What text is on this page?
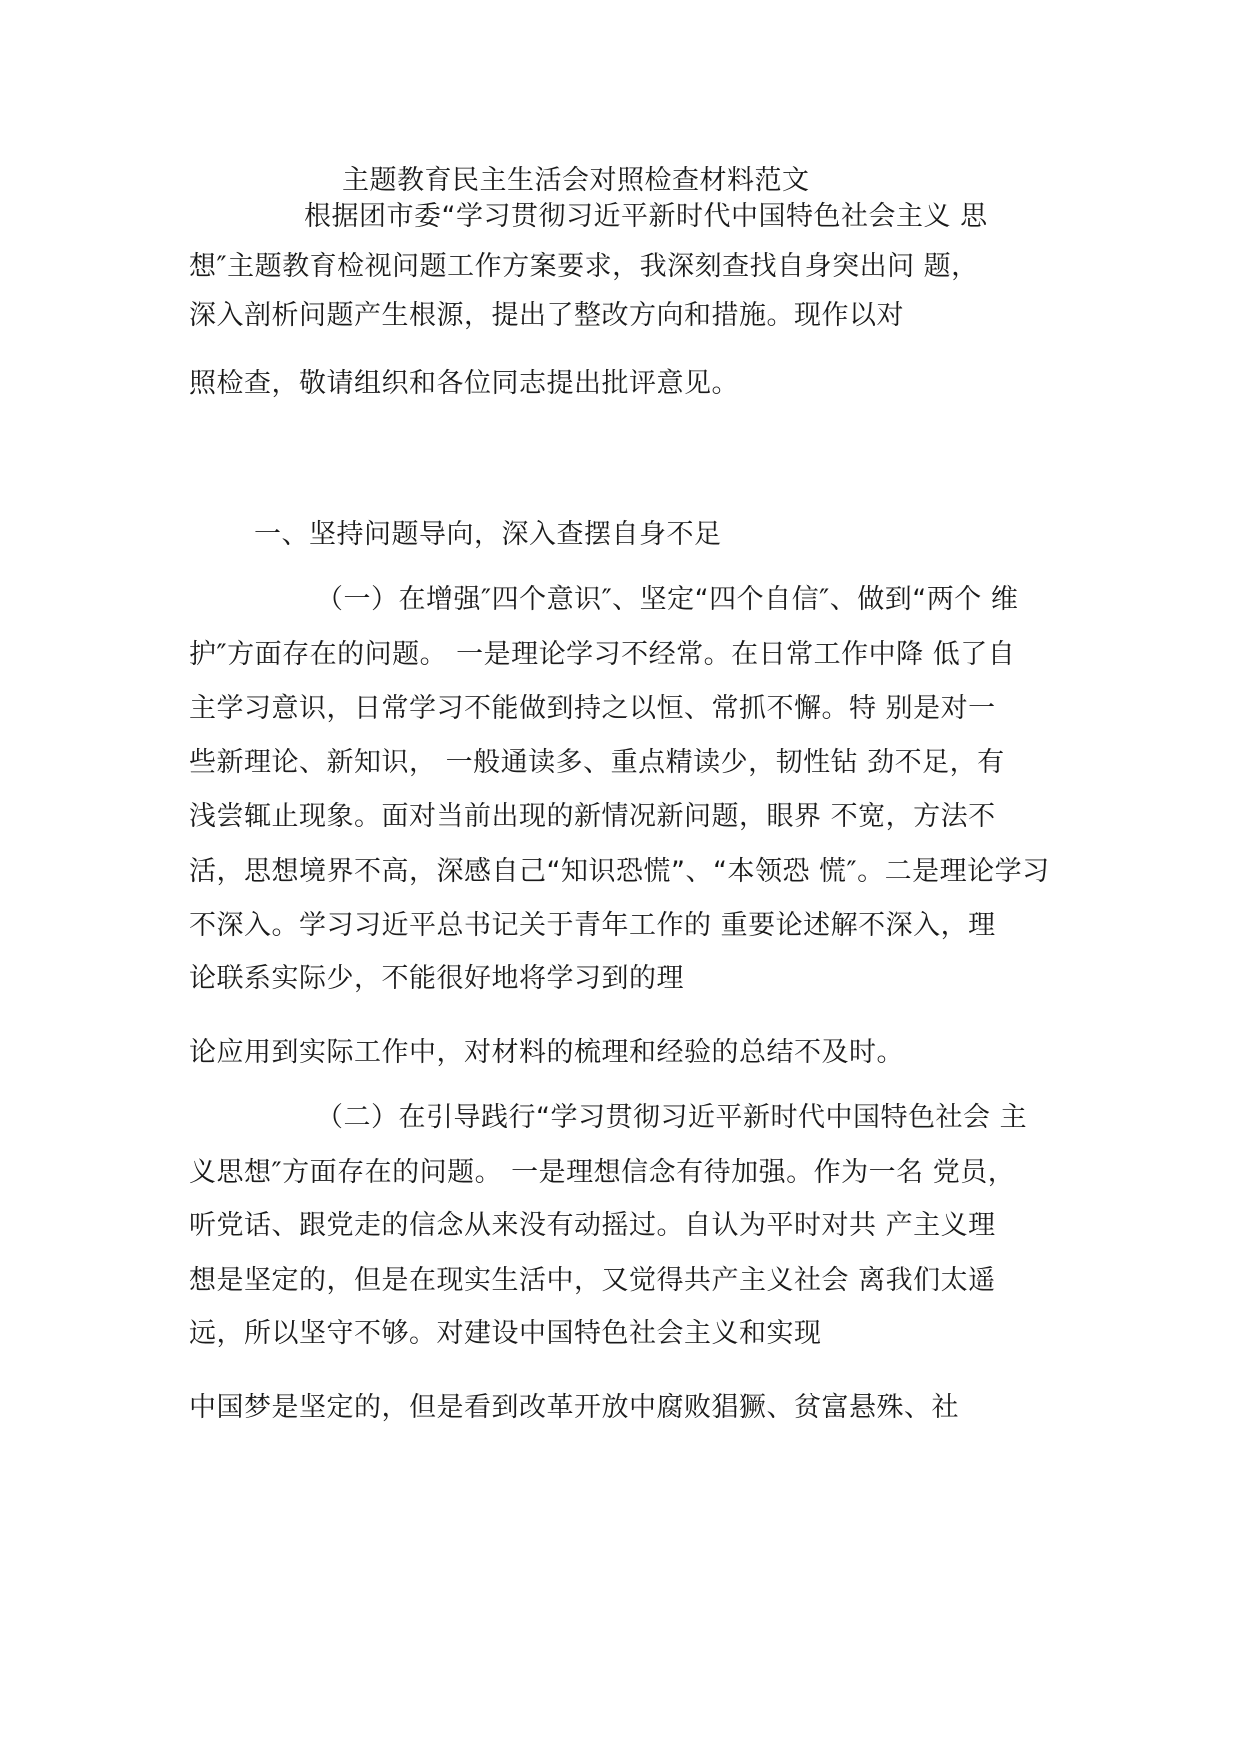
主题教育民主生活会对照检查材料范文
根据团市委“学习贯彻习近平新时代中国特色社会主义 思
想″主题教育检视问题工作方案要求，我深刻查找自身突出问 题，
深入剖析问题产生根源，提出了整改方向和措施。现作以对
照检查，敬请组织和各位同志提出批评意见。
一、坚持问题导向，深入查摆自身不足
（一）在增强″四个意识″、坚定“四个自信″、做到“两个 维
护″方面存在的问题。 一是理论学习不经常。在日常工作中降 低了自
主学习意识，日常学习不能做到持之以恒、常抓不懈。特 别是对一
些新理论、新知识， 一般通读多、重点精读少，韧性钻 劲不足，有
浅尝辄止现象。面对当前出现的新情况新问题，眼界 不宽，方法不
活，思想境界不高，深感自己“知识恐慌”、“本领恐 慌″。二是理论学习
不深入。学习习近平总书记关于青年工作的 重要论述解不深入，理
论联系实际少，不能很好地将学习到的理
论应用到实际工作中，对材料的梳理和经验的总结不及时。
（二）在引导践行“学习贯彻习近平新时代中国特色社会 主
义思想″方面存在的问题。 一是理想信念有待加强。作为一名 党员，
听党话、跟党走的信念从来没有动摇过。自认为平时对共 产主义理
想是坚定的，但是在现实生活中，又觉得共产主义社会 离我们太遥
远，所以坚守不够。对建设中国特色社会主义和实现
中国梦是坚定的，但是看到改革开放中腐败猖獗、贫富悬殊、社
